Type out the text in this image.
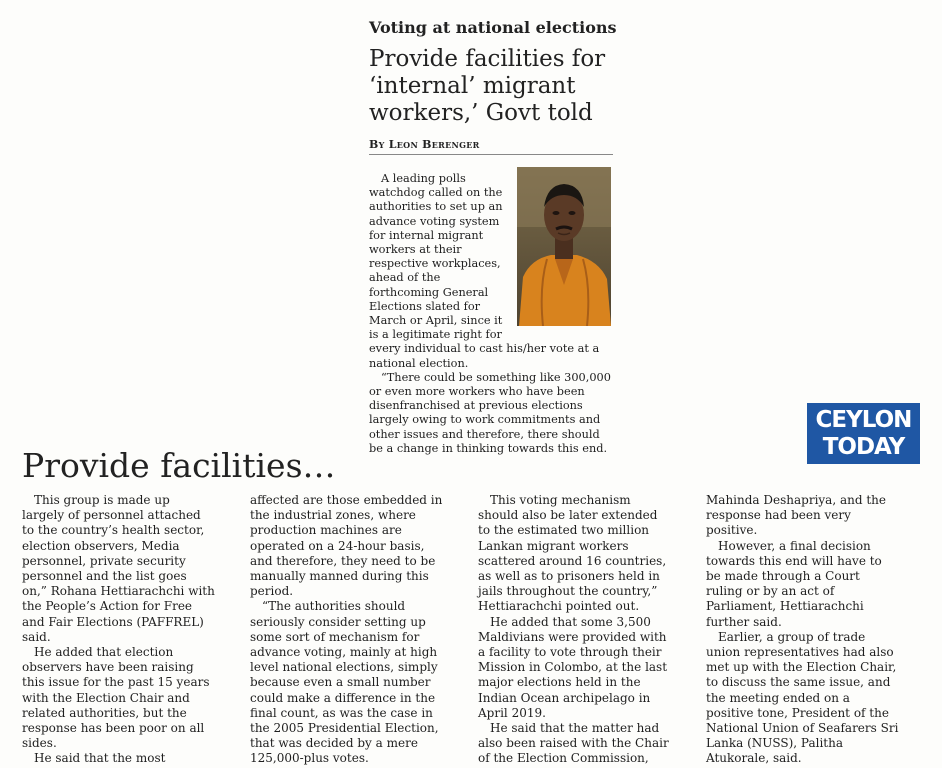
Voting at national elections
Provide facilities for ‘internal’ migrant workers,’ Govt told
By Leon Berenger

A leading polls
watchdog called on the
authorities to set up an
advance voting system
for internal migrant
workers at their
respective workplaces,
ahead of the
forthcoming General
Elections slated for
March or April, since it
is a legitimate right for

every individual to cast his/her vote at a
national election.

“There could be something like 300,000 or even more workers who have been disenfranchised at previous elections largely owing to work commitments and other issues and therefore, there should be a change in thinking towards this end.

CEYLON
TODAY
Provide facilities…

This group is made up largely of personnel attached to the country’s health sector, election observers, Media personnel, private security personnel and the list goes on,” Rohana Hettiarachchi with the People’s Action for Free and Fair Elections (PAFFREL) said.

He added that election observers have been raising this issue for the past 15 years with the Election Chair and related authorities, but the response has been poor on all sides.

He said that the most

affected are those embedded in the industrial zones, where production machines are operated on a 24-hour basis, and therefore, they need to be manually manned during this period.

“The authorities should seriously consider setting up some sort of mechanism for advance voting, mainly at high level national elections, simply because even a small number could make a difference in the final count, as was the case in the 2005 Presidential Election, that was decided by a mere 125,000-plus votes.

This voting mechanism should also be later extended to the estimated two million Lankan migrant workers scattered around 16 countries, as well as to prisoners held in jails throughout the country,” Hettiarachchi pointed out.

He added that some 3,500 Maldivians were provided with a facility to vote through their Mission in Colombo, at the last major elections held in the Indian Ocean archipelago in April 2019.

He said that the matter had also been raised with the Chair of the Election Commission,

Mahinda Deshapriya, and the response had been very positive.

However, a final decision towards this end will have to be made through a Court ruling or by an act of Parliament, Hettiarachchi further said.

Earlier, a group of trade union representatives had also met up with the Election Chair, to discuss the same issue, and the meeting ended on a positive tone, President of the National Union of Seafarers Sri Lanka (NUSS), Palitha Atukorale, said.
